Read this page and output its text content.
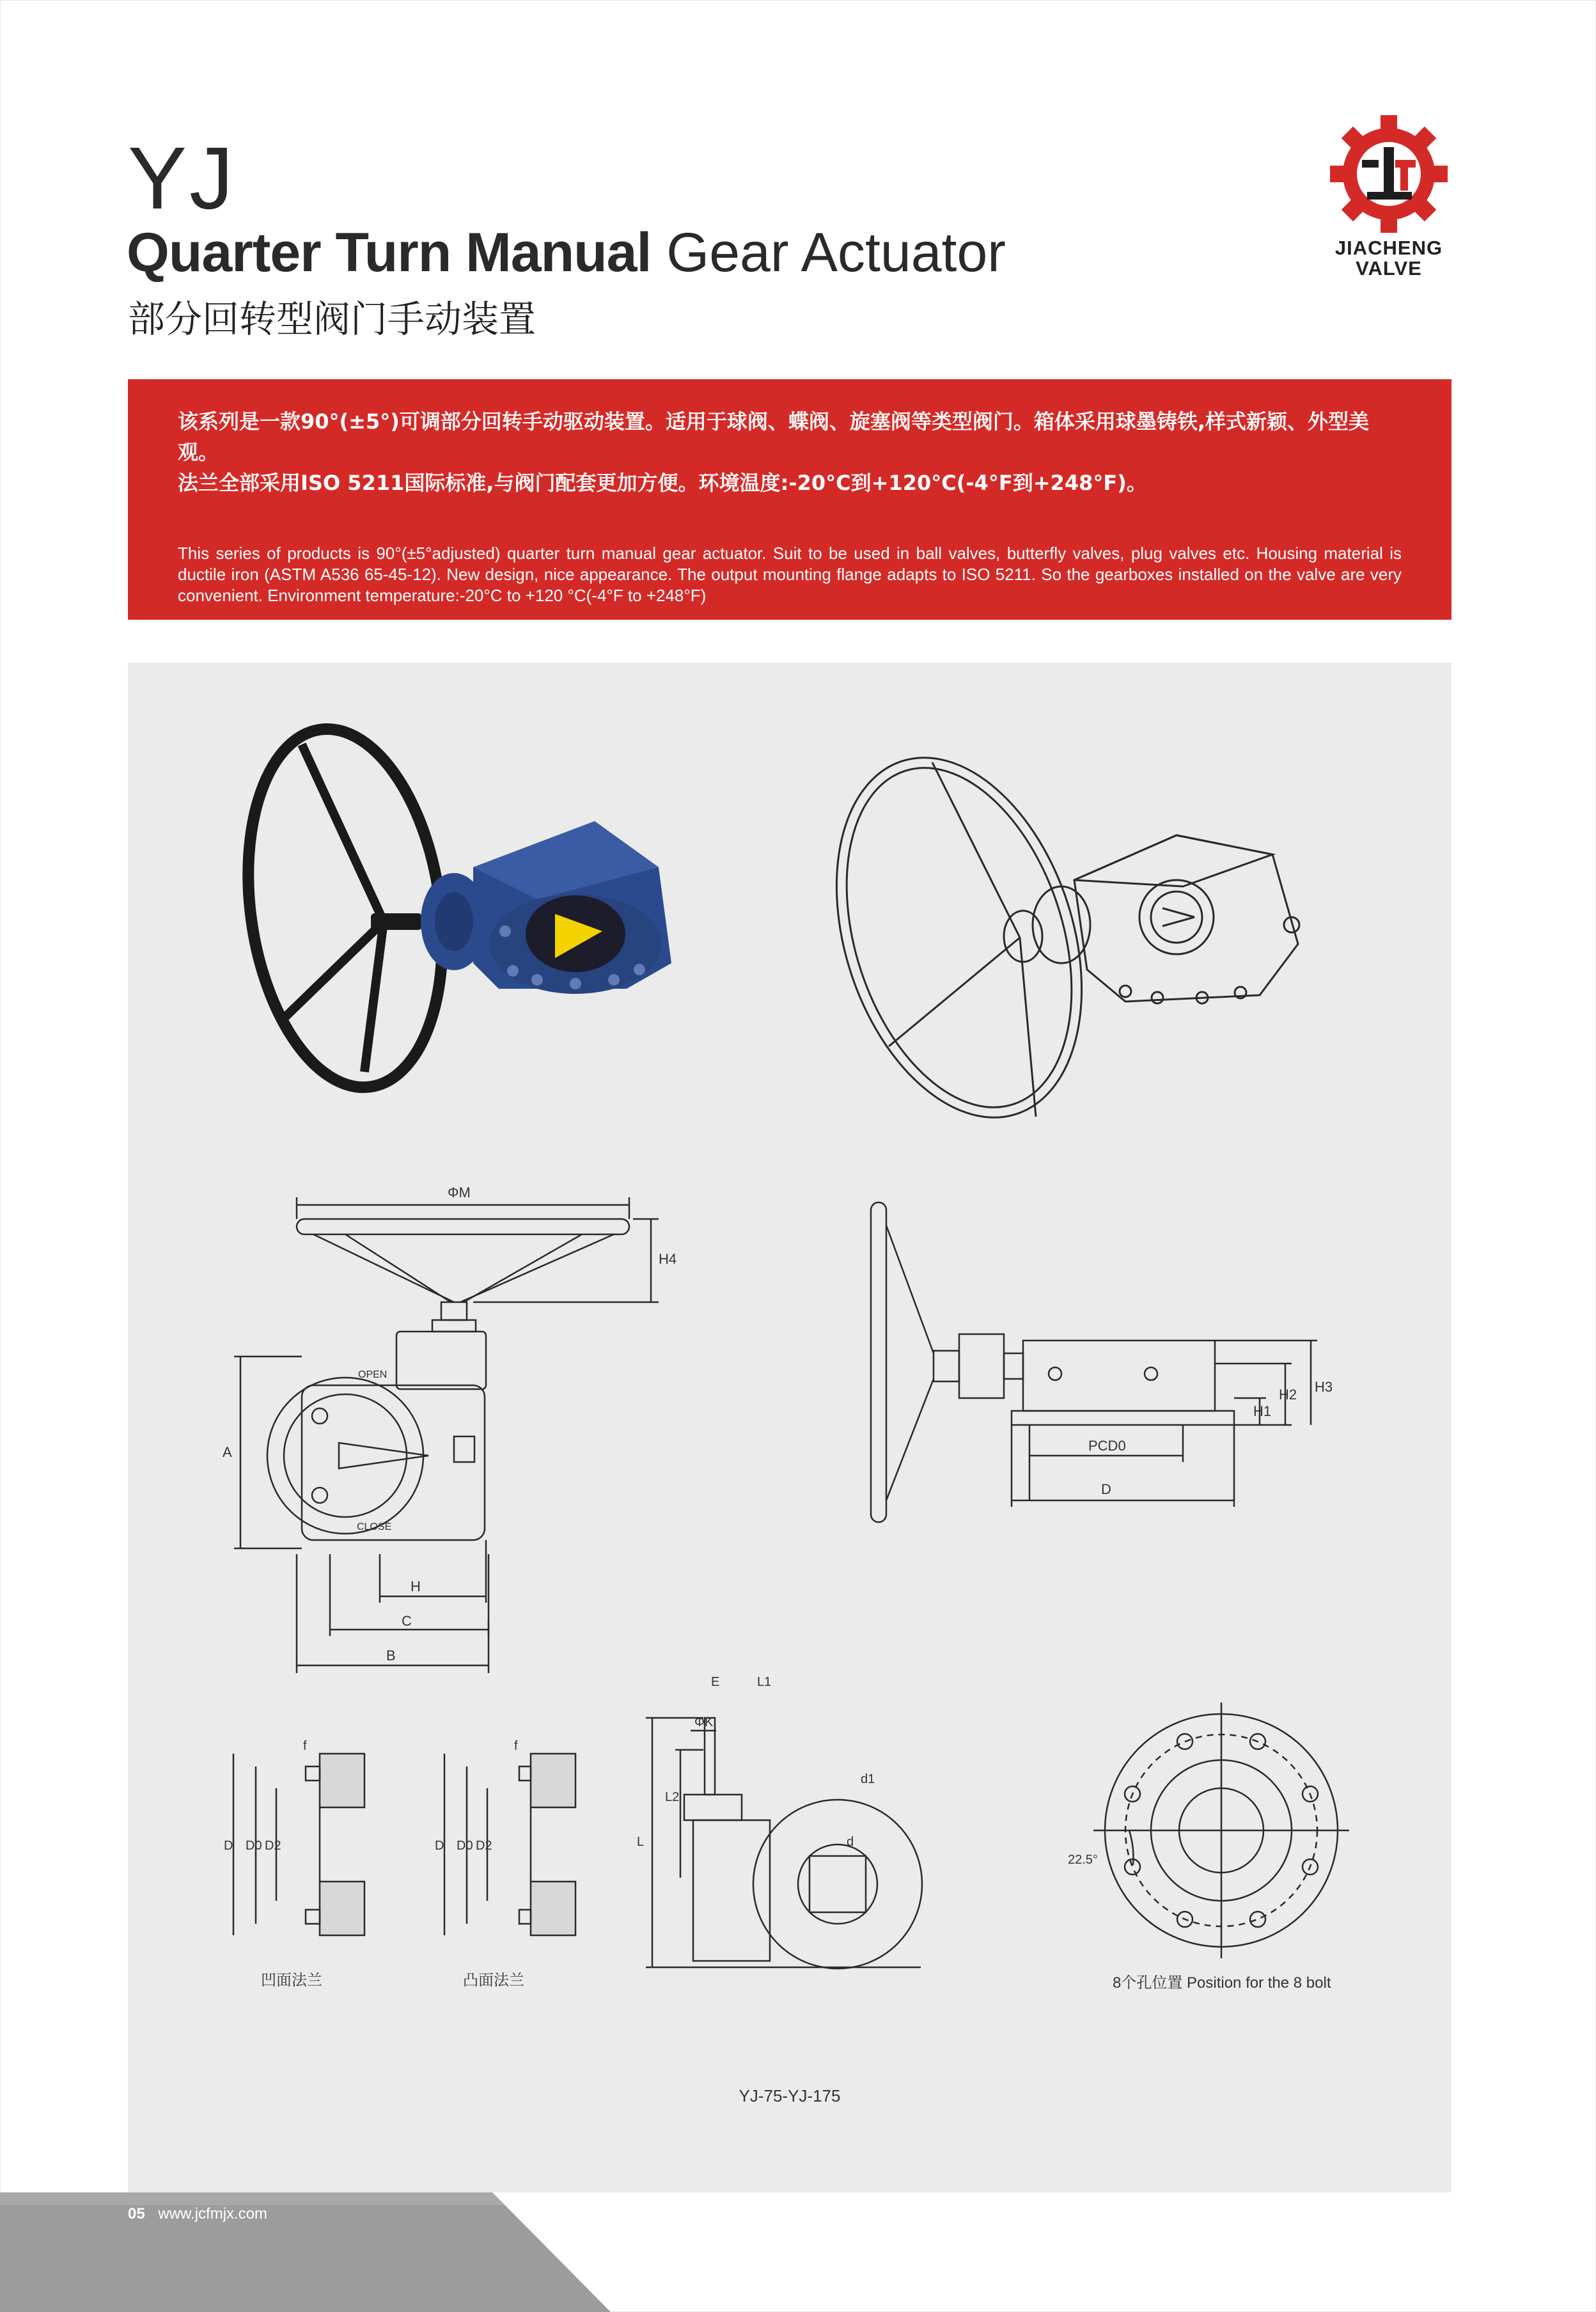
YJ
Quarter Turn Manual Gear Actuator
部分回转型阀门手动装置
JIACHENG
VALVE

该系列是一款90°(±5°)可调部分回转手动驱动装置。适用于球阀、蝶阀、旋塞阀等类型阀门。箱体采用球墨铸铁,样式新颖、外型美观。
法兰全部采用ISO 5211国际标准,与阀门配套更加方便。环境温度:-20°C到+120°C(-4°F到+248°F)。

This series of products is 90°(±5°adjusted) quarter turn manual gear actuator. Suit to be used in ball valves, butterfly valves, plug valves etc. Housing material is ductile iron (ASTM A536 65-45-12). New design, nice appearance. The output mounting flange adapts to ISO 5211. So the gearboxes installed on the valve are very convenient. Environment temperature:-20°C to +120 °C(-4°F to +248°F)

ΦM
H4
A
H
C
B
OPEN
CLOSE
H1
H2 H3
PCD0
D
f
D D0 D2
f
D D0 D2
E	L1
ΦK
L2
L
d1
d
22.5°
凹面法兰	凸面法兰	8个孔位置 Position for the 8 bolt
YJ-75-YJ-175
05 www.jcfmjx.com
